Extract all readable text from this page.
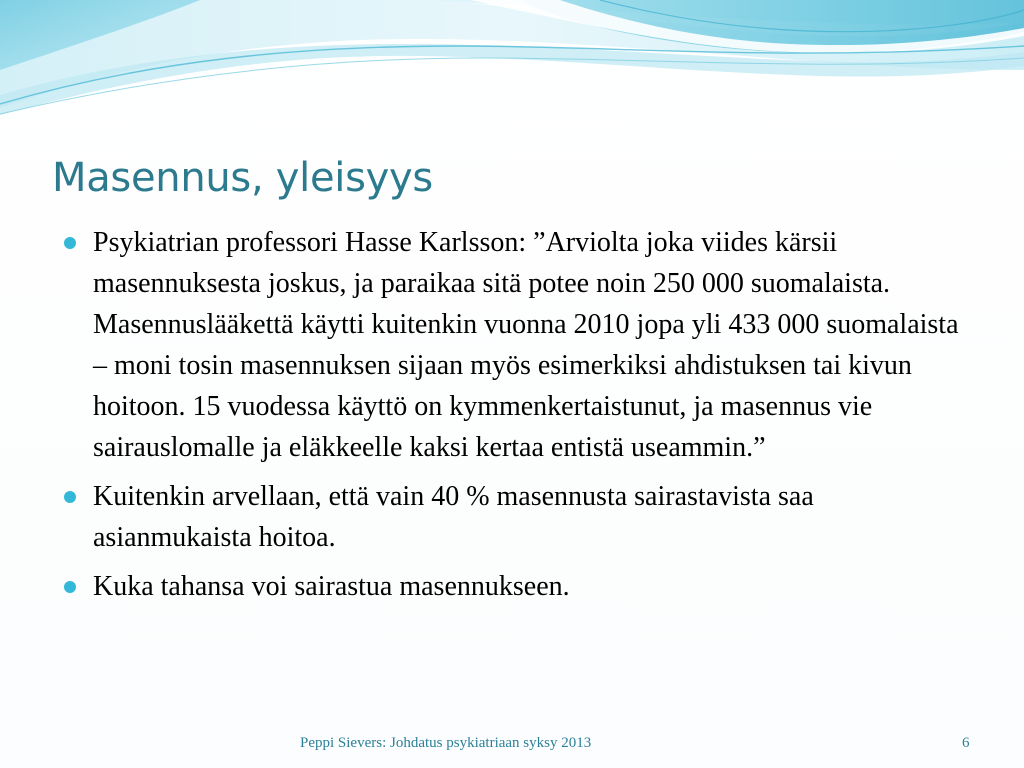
Masennus, yleisyys
Psykiatrian professori Hasse Karlsson: ”Arviolta joka viides kärsii masennuksesta joskus, ja paraikaa sitä potee noin 250 000 suomalaista. Masennuslääkettä käytti kuitenkin vuonna 2010 jopa yli 433 000 suomalaista – moni tosin masennuksen sijaan myös esimerkiksi ahdistuksen tai kivun hoitoon. 15 vuodessa käyttö on kymmenkertaistunut, ja masennus vie sairauslomalle ja eläkkeelle kaksi kertaa entistä useammin.”
Kuitenkin arvellaan, että vain 40 % masennusta sairastavista saa asianmukaista hoitoa.
Kuka tahansa voi sairastua masennukseen.
Peppi Sievers: Johdatus psykiatriaan syksy 2013	6
